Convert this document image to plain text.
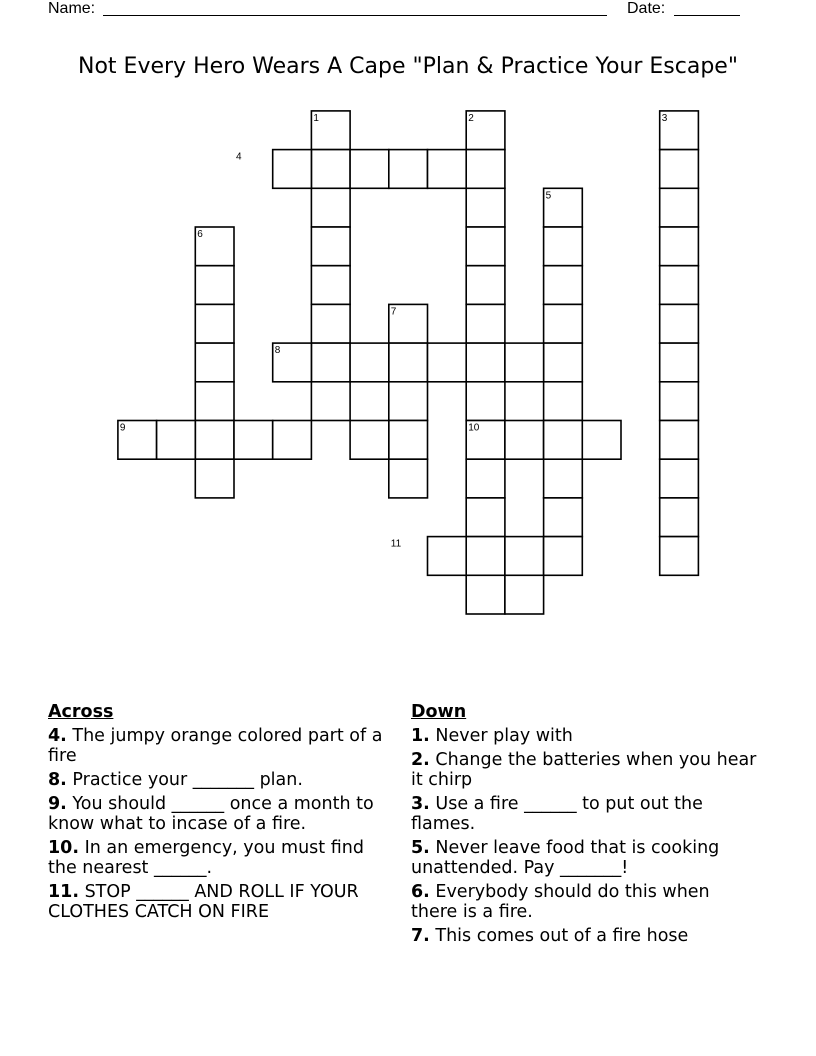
Name:	Date:
Not Every Hero Wears A Cape "Plan & Practice Your Escape"
1	2	3
4
5
6
7
8
9	10
11
Across
4. The jumpy orange colored part of a fire
8. Practice your _______ plan.
9. You should ______ once a month to know what to incase of a fire.
10. In an emergency, you must find the nearest ______.
11. STOP ______ AND ROLL IF YOUR CLOTHES CATCH ON FIRE
Down
1. Never play with
2. Change the batteries when you hear it chirp
3. Use a fire ______ to put out the flames.
5. Never leave food that is cooking unattended. Pay _______!
6. Everybody should do this when there is a fire.
7. This comes out of a fire hose
